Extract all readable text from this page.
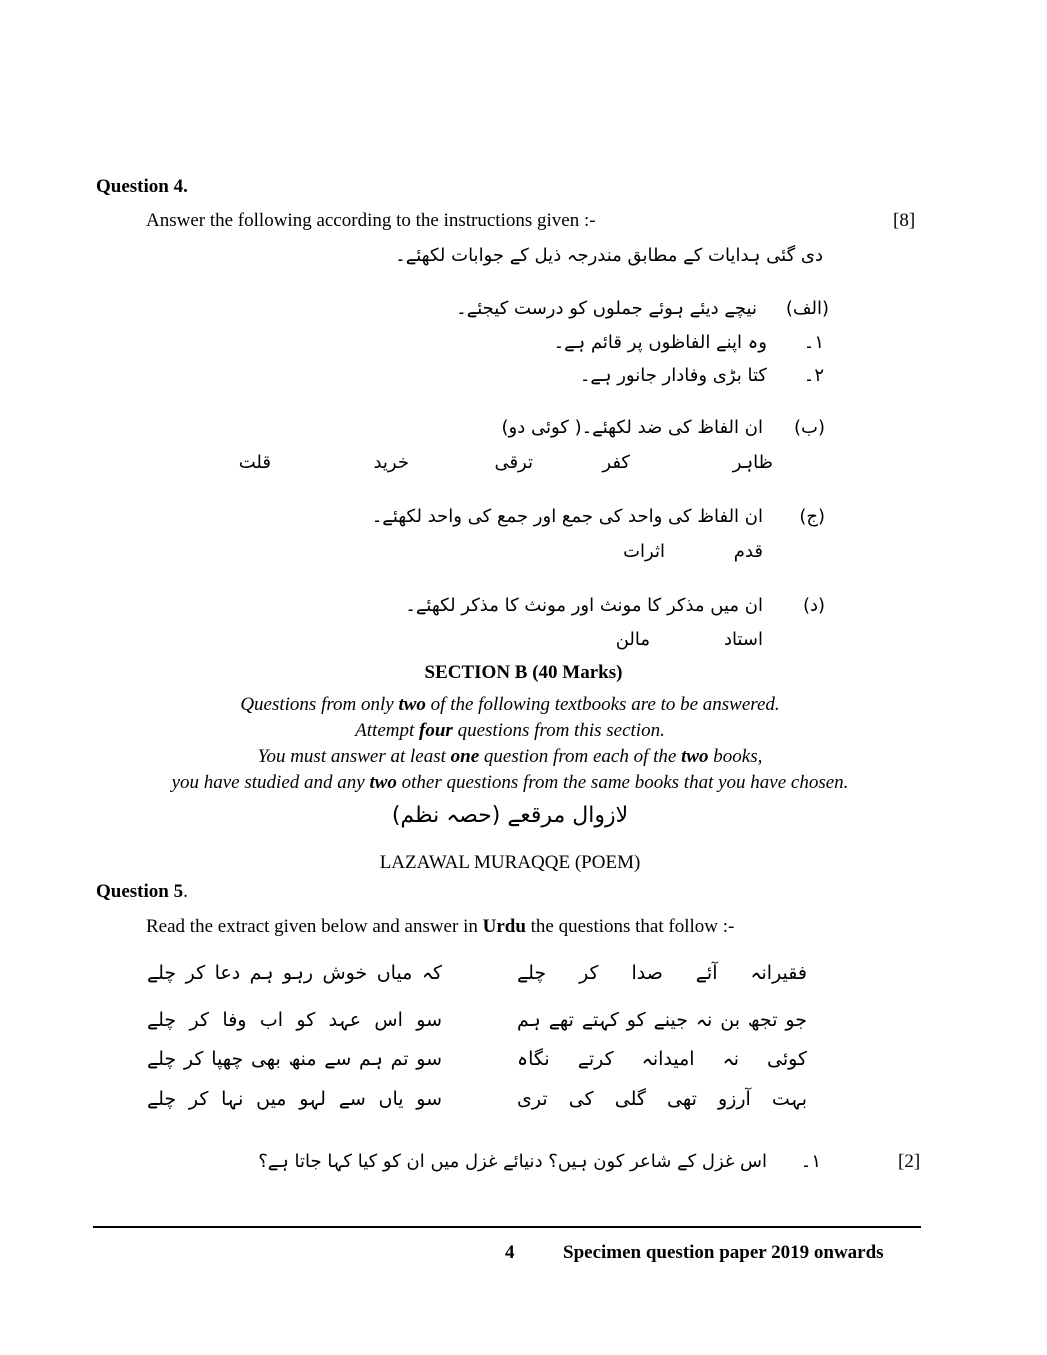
Question 4.
Answer the following according to the instructions given :-	[8]
دی گئی ہدایات کے مطابق مندرجہ ذیل کے جوابات لکھئے۔
(الف)
نیچے دیئے ہوئے جملوں کو درست کیجئے۔
۱۔
وہ اپنے الفاظوں پر قائم ہے۔
۲۔
کتا بڑی وفادار جانور ہے۔
(ب)
ان الفاظ کی ضد لکھئے۔( کوئی دو)
ظاہر
کفر
ترقی
خرید
قلت
(ج)
ان الفاظ کی واحد کی جمع اور جمع کی واحد لکھئے۔
قدم
اثرات
(د)
ان میں مذکر کا مونث اور مونث کا مذکر لکھئے۔
استاد
مالن
SECTION B (40 Marks)
Questions from only two of the following textbooks are to be answered.
Attempt four questions from this section.
You must answer at least one question from each of the two books,
you have studied and any two other questions from the same books that you have chosen.
لازوال مرقعے (حصہ نظم)
LAZAWAL MURAQQE (POEM)
Question 5.
Read the extract given below and answer in Urdu the questions that follow :-
فقیرانہ آئے صدا کر چلے
کہ میاں خوش رہو ہم دعا کر چلے
جو تجھ بن نہ جینے کو کہتے تھے ہم
سو اس عہد کو اب وفا کر چلے
کوئی نہ امیدانہ کرتے نگاہ
سو تم ہم سے منھ بھی چھپا کر چلے
بہت آرزو تھی گلی کی تری
سو یاں سے لہو میں نہا کر چلے
۱۔
اس غزل کے شاعر کون ہیں؟ دنیائے غزل میں ان کو کیا کہا جاتا ہے؟	[2]
4	Specimen question paper 2019 onwards
